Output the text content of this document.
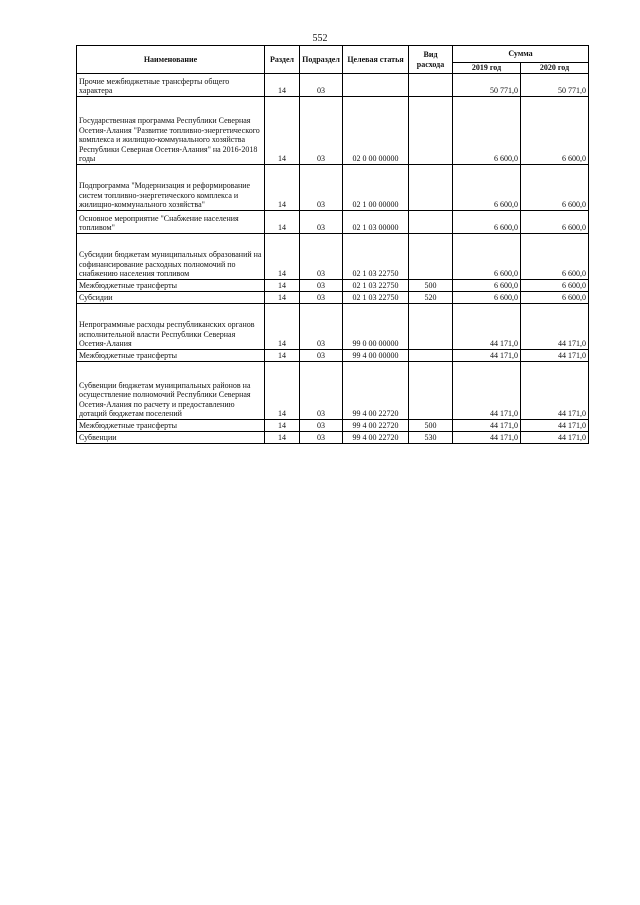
552
Наименование	Раздел	Подраздел	Целевая статья	Вид расхода	Сумма	
					2019 год	2020 год
Прочие межбюджетные трансферты общего характера	14	03			50 771,0	50 771,0
Государственная программа Республики Северная Осетия-Алания "Развитие топливно-энергетического комплекса и жилищно-коммунального хозяйства Республики Северная Осетия-Алания" на 2016-2018 годы	14	03	02 0 00 00000		6 600,0	6 600,0
Подпрограмма "Модернизация и реформирование систем топливно-энергетического комплекса и жилищно-коммунального хозяйства"	14	03	02 1 00 00000		6 600,0	6 600,0
Основное мероприятие "Снабжение населения топливом"	14	03	02 1 03 00000		6 600,0	6 600,0
Субсидии бюджетам муниципальных образований на софинансирование расходных полномочий по снабжению населения топливом	14	03	02 1 03 22750		6 600,0	6 600,0
Межбюджетные трансферты	14	03	02 1 03 22750	500	6 600,0	6 600,0
Субсидии	14	03	02 1 03 22750	520	6 600,0	6 600,0
Непрограммные расходы республиканских органов исполнительной власти Республики Северная Осетия-Алания	14	03	99 0 00 00000		44 171,0	44 171,0
Межбюджетные трансферты	14	03	99 4 00 00000		44 171,0	44 171,0
Субвенции бюджетам муниципальных районов на осуществление полномочий Республики Северная Осетия-Алания по расчету и предоставлению дотаций бюджетам поселений	14	03	99 4 00 22720		44 171,0	44 171,0
Межбюджетные трансферты	14	03	99 4 00 22720	500	44 171,0	44 171,0
Субвенции	14	03	99 4 00 22720	530	44 171,0	44 171,0
